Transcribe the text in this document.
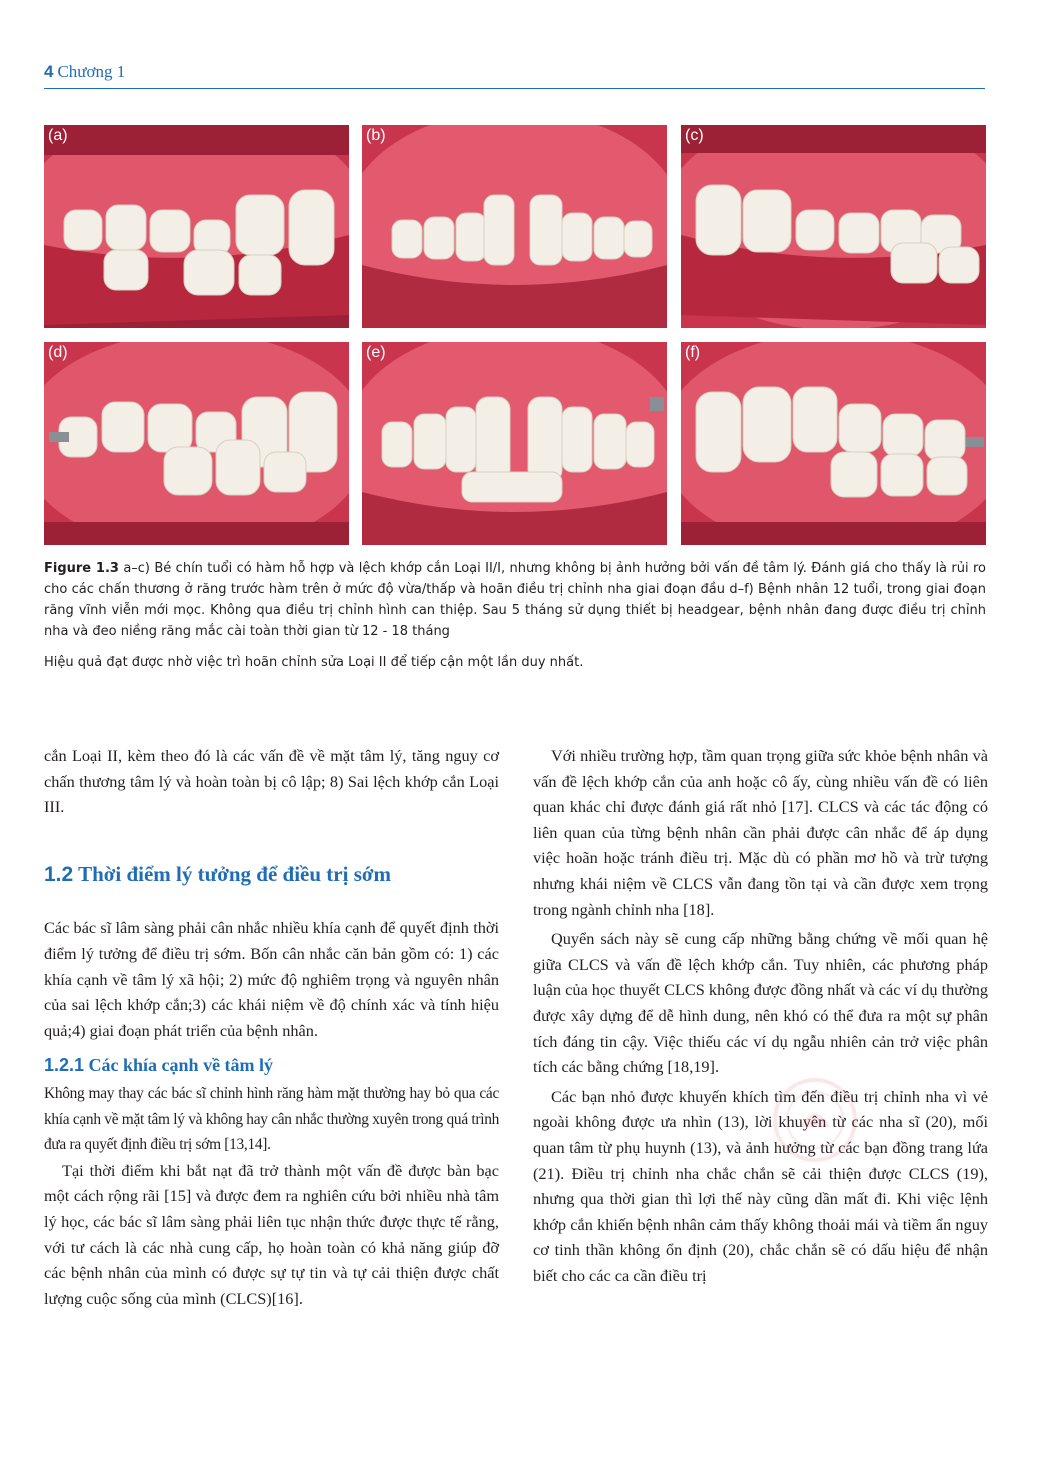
4 Chương 1
(a)	(b)	(c)
(d)	(e)	(f)

Figure 1.3 a–c) Bé chín tuổi có hàm hỗ hợp và lệch khớp cắn Loại II/I, nhưng không bị ảnh hưởng bởi vấn đề tâm lý. Đánh giá cho thấy là rủi ro cho các chấn thương ở răng trước hàm trên ở mức độ vừa/thấp và hoãn điều trị chỉnh nha giai đoạn đầu d–f) Bệnh nhân 12 tuổi, trong giai đoạn răng vĩnh viễn mới mọc. Không qua điều trị chỉnh hình can thiệp. Sau 5 tháng sử dụng thiết bị headgear, bệnh nhân đang được điều trị chỉnh nha và đeo niềng răng mắc cài toàn thời gian từ 12 - 18 tháng

Hiệu quả đạt được nhờ việc trì hoãn chỉnh sửa Loại II để tiếp cận một lần duy nhất.

cắn Loại II, kèm theo đó là các vấn đề về mặt tâm lý, tăng nguy cơ chấn thương tâm lý và hoàn toàn bị cô lập; 8) Sai lệch khớp cắn Loại III.

1.2 Thời điểm lý tưởng để điều trị sớm

Các bác sĩ lâm sàng phải cân nhắc nhiều khía cạnh để quyết định thời điểm lý tưởng để điều trị sớm. Bốn cân nhắc căn bản gồm có: 1) các khía cạnh về tâm lý xã hội; 2) mức độ nghiêm trọng và nguyên nhân của sai lệch khớp cắn;3) các khái niệm về độ chính xác và tính hiệu quả;4) giai đoạn phát triển của bệnh nhân.

1.2.1 Các khía cạnh về tâm lý

Không may thay các bác sĩ chỉnh hình răng hàm mặt thường hay bỏ qua các khía cạnh về mặt tâm lý và không hay cân nhắc thường xuyên trong quá trình đưa ra quyết định điều trị sớm [13,14].

Tại thời điểm khi bắt nạt đã trở thành một vấn đề được bàn bạc một cách rộng rãi [15] và được đem ra nghiên cứu bởi nhiều nhà tâm lý học, các bác sĩ lâm sàng phải liên tục nhận thức được thực tế rằng, với tư cách là các nhà cung cấp, họ hoàn toàn có khả năng giúp đỡ các bệnh nhân của mình có được sự tự tin và tự cải thiện được chất lượng cuộc sống của mình (CLCS)[16].

Với nhiều trường hợp, tầm quan trọng giữa sức khỏe bệnh nhân và vấn đề lệch khớp cắn của anh hoặc cô ấy, cùng nhiều vấn đề có liên quan khác chỉ được đánh giá rất nhỏ [17]. CLCS và các tác động có liên quan của từng bệnh nhân cần phải được cân nhắc để áp dụng việc hoãn hoặc tránh điều trị. Mặc dù có phần mơ hồ và trừ tượng nhưng khái niệm về CLCS vẫn đang tồn tại và cần được xem trọng trong ngành chỉnh nha [18].

Quyển sách này sẽ cung cấp những bằng chứng về mối quan hệ giữa CLCS và vấn đề lệch khớp cắn. Tuy nhiên, các phương pháp luận của học thuyết CLCS không được đồng nhất và các ví dụ thường được xây dựng để dễ hình dung, nên khó có thể đưa ra một sự phân tích đáng tin cậy. Việc thiếu các ví dụ ngẫu nhiên cản trở việc phân tích các bằng chứng [18,19].

Các bạn nhỏ được khuyến khích tìm đến điều trị chỉnh nha vì vẻ ngoài không được ưa nhìn (13), lời khuyên từ các nha sĩ (20), mối quan tâm từ phụ huynh (13), và ảnh hưởng từ các bạn đồng trang lứa (21). Điều trị chỉnh nha chắc chắn sẽ cải thiện được CLCS (19), nhưng qua thời gian thì lợi thế này cũng dần mất đi. Khi việc lệnh khớp cắn khiến bệnh nhân cảm thấy không thoải mái và tiềm ẩn nguy cơ tinh thần không ổn định (20), chắc chắn sẽ có dấu hiệu để nhận biết cho các ca cần điều trị
